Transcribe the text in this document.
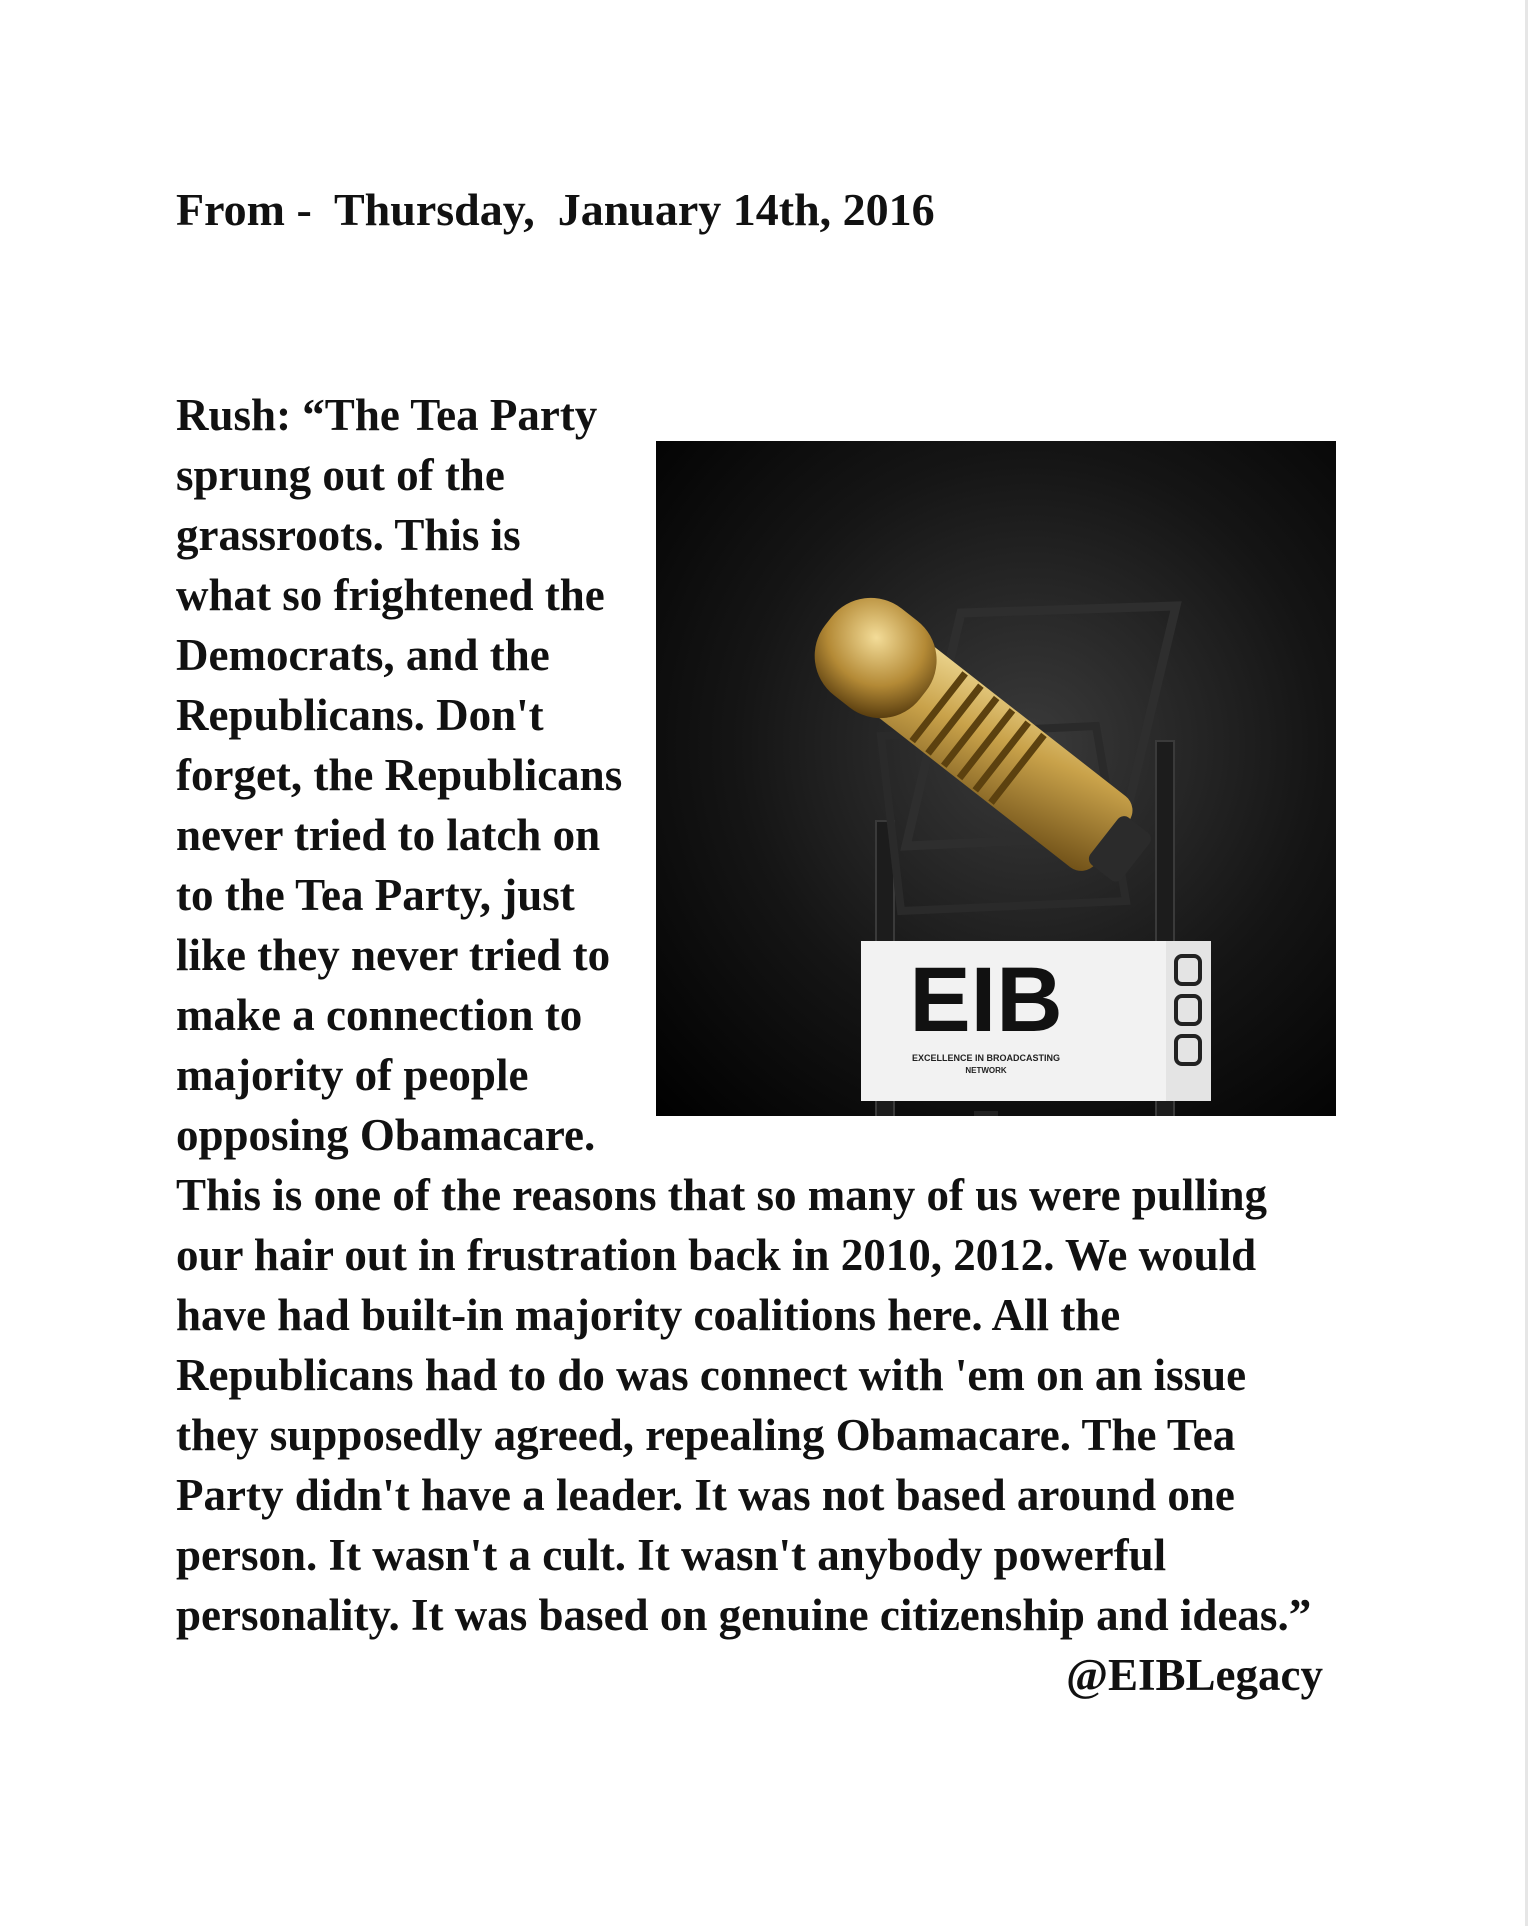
From -  Thursday,  January 14th, 2016

EIB
EXCELLENCE IN BROADCASTING
NETWORK

Rush: “The Tea Party sprung out of the grassroots. This is what so frightened the Democrats, and the Republicans. Don't forget, the Republicans never tried to latch on to the Tea Party, just like they never tried to make a connection to majority of people opposing Obamacare. This is one of the reasons that so many of us were pulling our hair out in frustration back in 2010, 2012. We would have had built-in majority coalitions here. All the Republicans had to do was connect with 'em on an issue they supposedly agreed, repealing Obamacare. The Tea Party didn't have a leader. It was not based around one person. It wasn't a cult. It wasn't anybody powerful personality. It was based on genuine citizenship and ideas.”

@EIBLegacy
